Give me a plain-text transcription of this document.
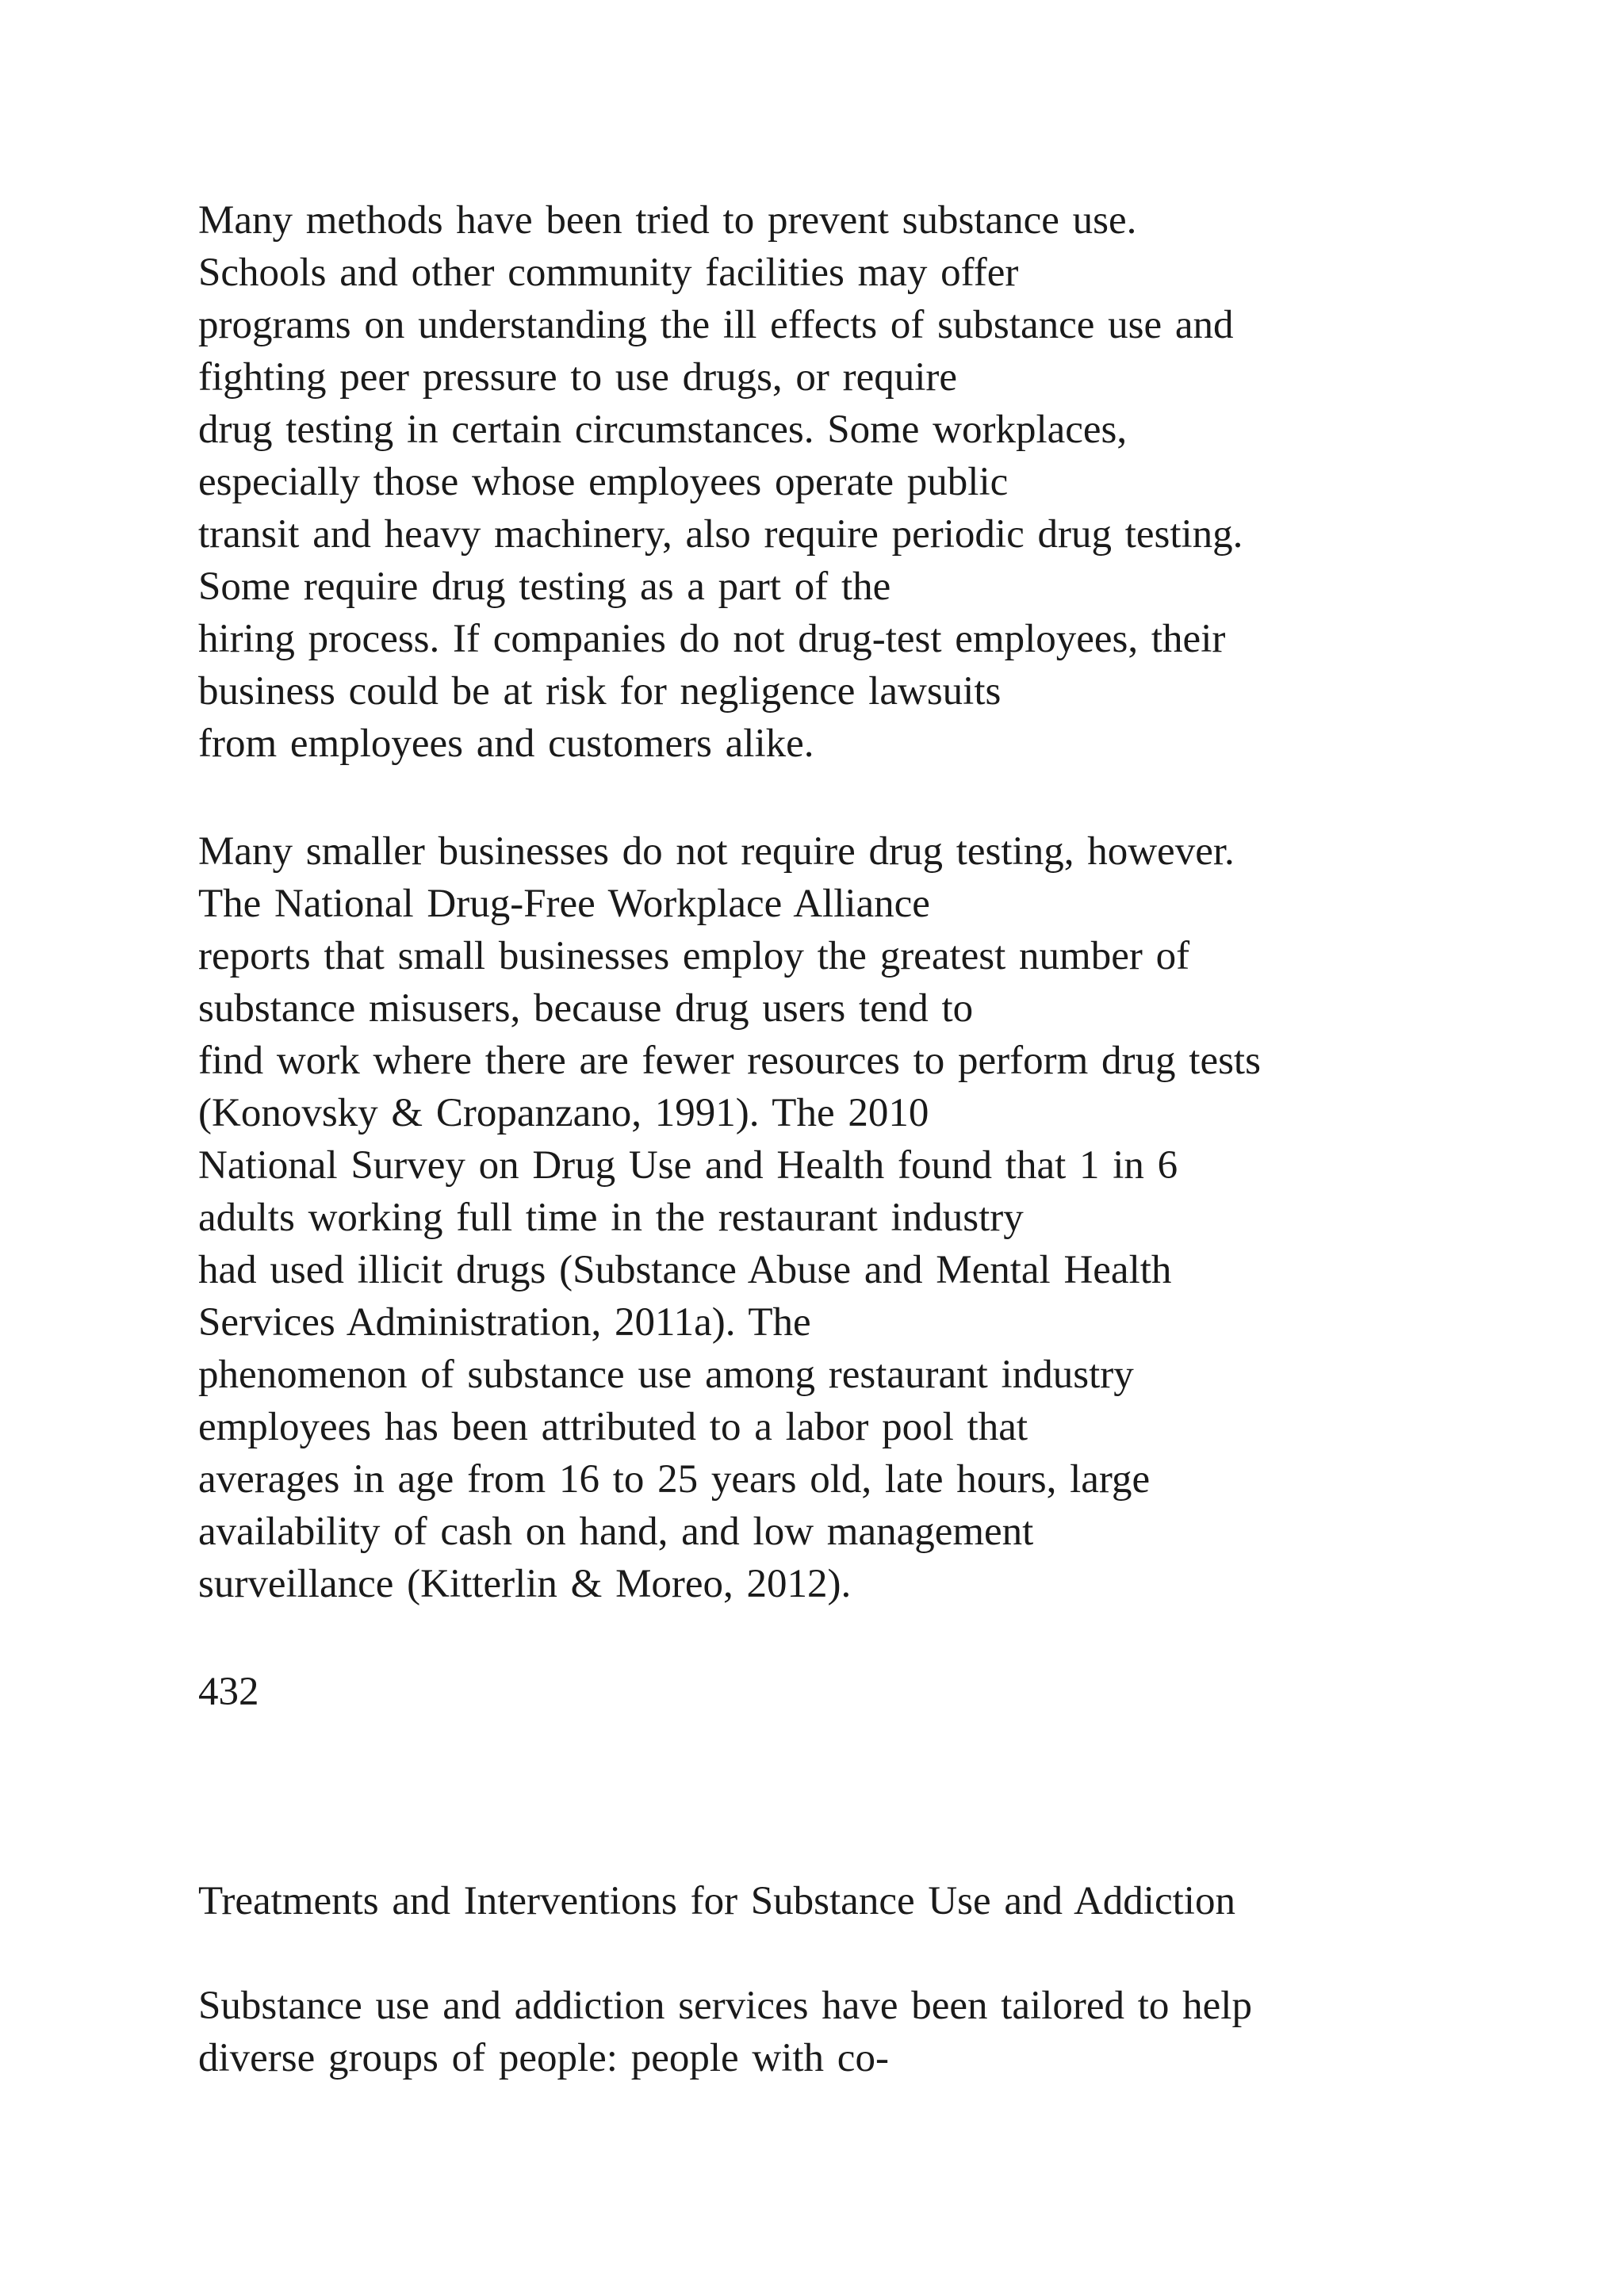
Many methods have been tried to prevent substance use.
Schools and other community facilities may offer
programs on understanding the ill effects of substance use and
fighting peer pressure to use drugs, or require
drug testing in certain circumstances. Some workplaces,
especially those whose employees operate public
transit and heavy machinery, also require periodic drug testing.
Some require drug testing as a part of the
hiring process. If companies do not drug-test employees, their
business could be at risk for negligence lawsuits
from employees and customers alike.
Many smaller businesses do not require drug testing, however.
The National Drug-Free Workplace Alliance
reports that small businesses employ the greatest number of
substance misusers, because drug users tend to
find work where there are fewer resources to perform drug tests
(Konovsky & Cropanzano, 1991). The 2010
National Survey on Drug Use and Health found that 1 in 6
adults working full time in the restaurant industry
had used illicit drugs (Substance Abuse and Mental Health
Services Administration, 2011a). The
phenomenon of substance use among restaurant industry
employees has been attributed to a labor pool that
averages in age from 16 to 25 years old, late hours, large
availability of cash on hand, and low management
surveillance (Kitterlin & Moreo, 2012).
432
Treatments and Interventions for Substance Use and Addiction
Substance use and addiction services have been tailored to help
diverse groups of people: people with co-
